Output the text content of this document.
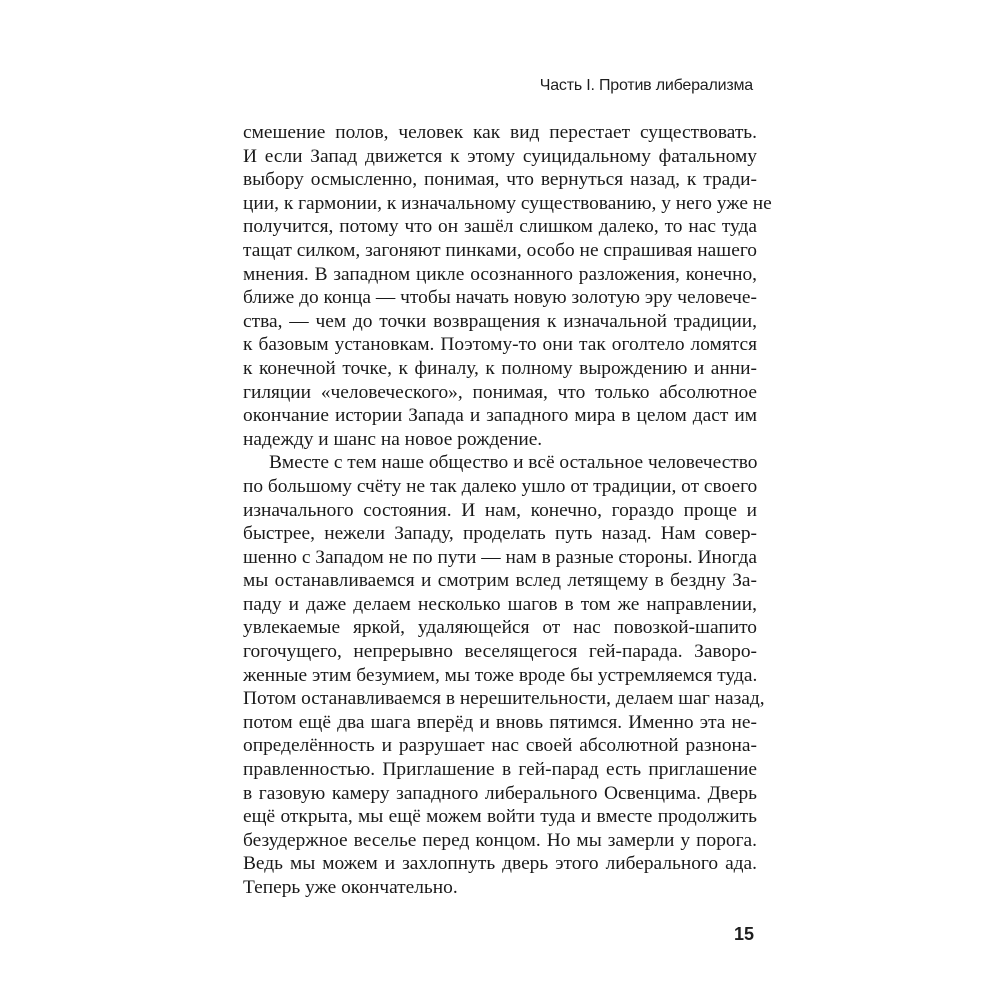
Часть I. Против либерализма
смешение полов, человек как вид перестает существовать.
И если Запад движется к этому суицидальному фатальному
выбору осмысленно, понимая, что вернуться назад, к тради-
ции, к гармонии, к изначальному существованию, у него уже не
получится, потому что он зашёл слишком далеко, то нас туда
тащат силком, загоняют пинками, особо не спрашивая нашего
мнения. В западном цикле осознанного разложения, конечно,
ближе до конца — чтобы начать новую золотую эру человече-
ства, — чем до точки возвращения к изначальной традиции,
к базовым установкам. Поэтому-то они так оголтело ломятся
к конечной точке, к финалу, к полному вырождению и анни-
гиляции «человеческого», понимая, что только абсолютное
окончание истории Запада и западного мира в целом даст им
надежду и шанс на новое рождение.
Вместе с тем наше общество и всё остальное человечество
по большому счёту не так далеко ушло от традиции, от своего
изначального состояния. И нам, конечно, гораздо проще и
быстрее, нежели Западу, проделать путь назад. Нам совер-
шенно с Западом не по пути — нам в разные стороны. Иногда
мы останавливаемся и смотрим вслед летящему в бездну За-
паду и даже делаем несколько шагов в том же направлении,
увлекаемые яркой, удаляющейся от нас повозкой-шапито
гогочущего, непрерывно веселящегося гей-парада. Заворо-
женные этим безумием, мы тоже вроде бы устремляемся туда.
Потом останавливаемся в нерешительности, делаем шаг назад,
потом ещё два шага вперёд и вновь пятимся. Именно эта не-
определённость и разрушает нас своей абсолютной разнона-
правленностью. Приглашение в гей-парад есть приглашение
в газовую камеру западного либерального Освенцима. Дверь
ещё открыта, мы ещё можем войти туда и вместе продолжить
безудержное веселье перед концом. Но мы замерли у порога.
Ведь мы можем и захлопнуть дверь этого либерального ада.
Теперь уже окончательно.
15
